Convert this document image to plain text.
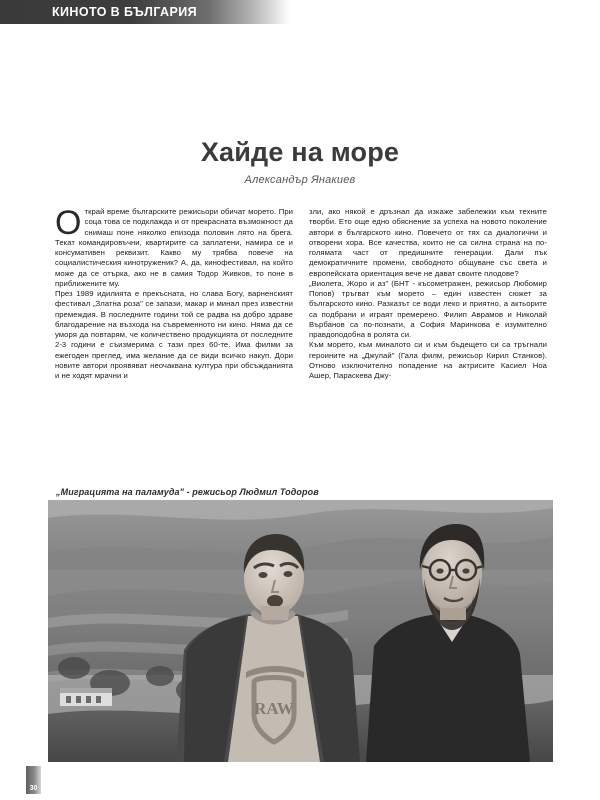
КИНОТО В БЪЛГАРИЯ
Хайде на море
Александър Янакиев

Открай време българските режисьори обичат морето. При соца това се подклажда и от прекрасната възможност да снимаш поне няколко епизода половин лято на брега. Текат командировъчни, квартирите са заплатени, намира се и консумативен реквизит. Какво му трябва повече на социалистическия кинотруженик? А, да, кинофестивал, на който може да се отърка, ако не в самия Тодор Живков, то поне в приближените му.

През 1989 идилията е прекъсната, но слава Богу, варненският фестивал „Златна роза" се запази, макар и минал през известни премеждия. В последните години той се радва на добро здраве благодарение на възхода на съвременното ни кино. Няма да се уморя да повтарям, че количествено продукцията от последните 2-3 години е съизмерима с тази през 60-те. Има филми за ежегоден преглед, има желание да се види всичко накуп. Дори новите автори проявяват неочаквана култура при обсъжданията и не ходят мрачни и

зли, ако някой е дръзнал да изкаже забележки към техните творби. Ето още едно обяснение за успеха на новото поколение автори в българското кино. Повечето от тях са диалогични и отворени хора. Все качества, които не са силна страна на по-голямата част от предишните генерации. Дали пък демократичните промени, свободното общуване със света и европейската ориентация вече не дават своите плодове?

„Виолета, Жоро и аз" (БНТ - късометражен, режисьор Любомир Попов) тръгват към морето – един известен сюжет за българското кино. Разказът се води леко и приятно, а актьорите са подбрани и играят премерено. Филип Аврамов и Николай Върбанов са по-познати, а София Маринкова е изумително правдоподобна в ролята си.

Към морето, към миналото си и към бъдещето си са тръгнали героините на „Джулай" (Гала филм, режисьор Кирил Станков). Отново изключително попадение на актрисите Касиел Ноа Ашер, Параскева Джу-

„Миграцията на паламуда" - режисьор Людмил Тодоров
RAW
30
